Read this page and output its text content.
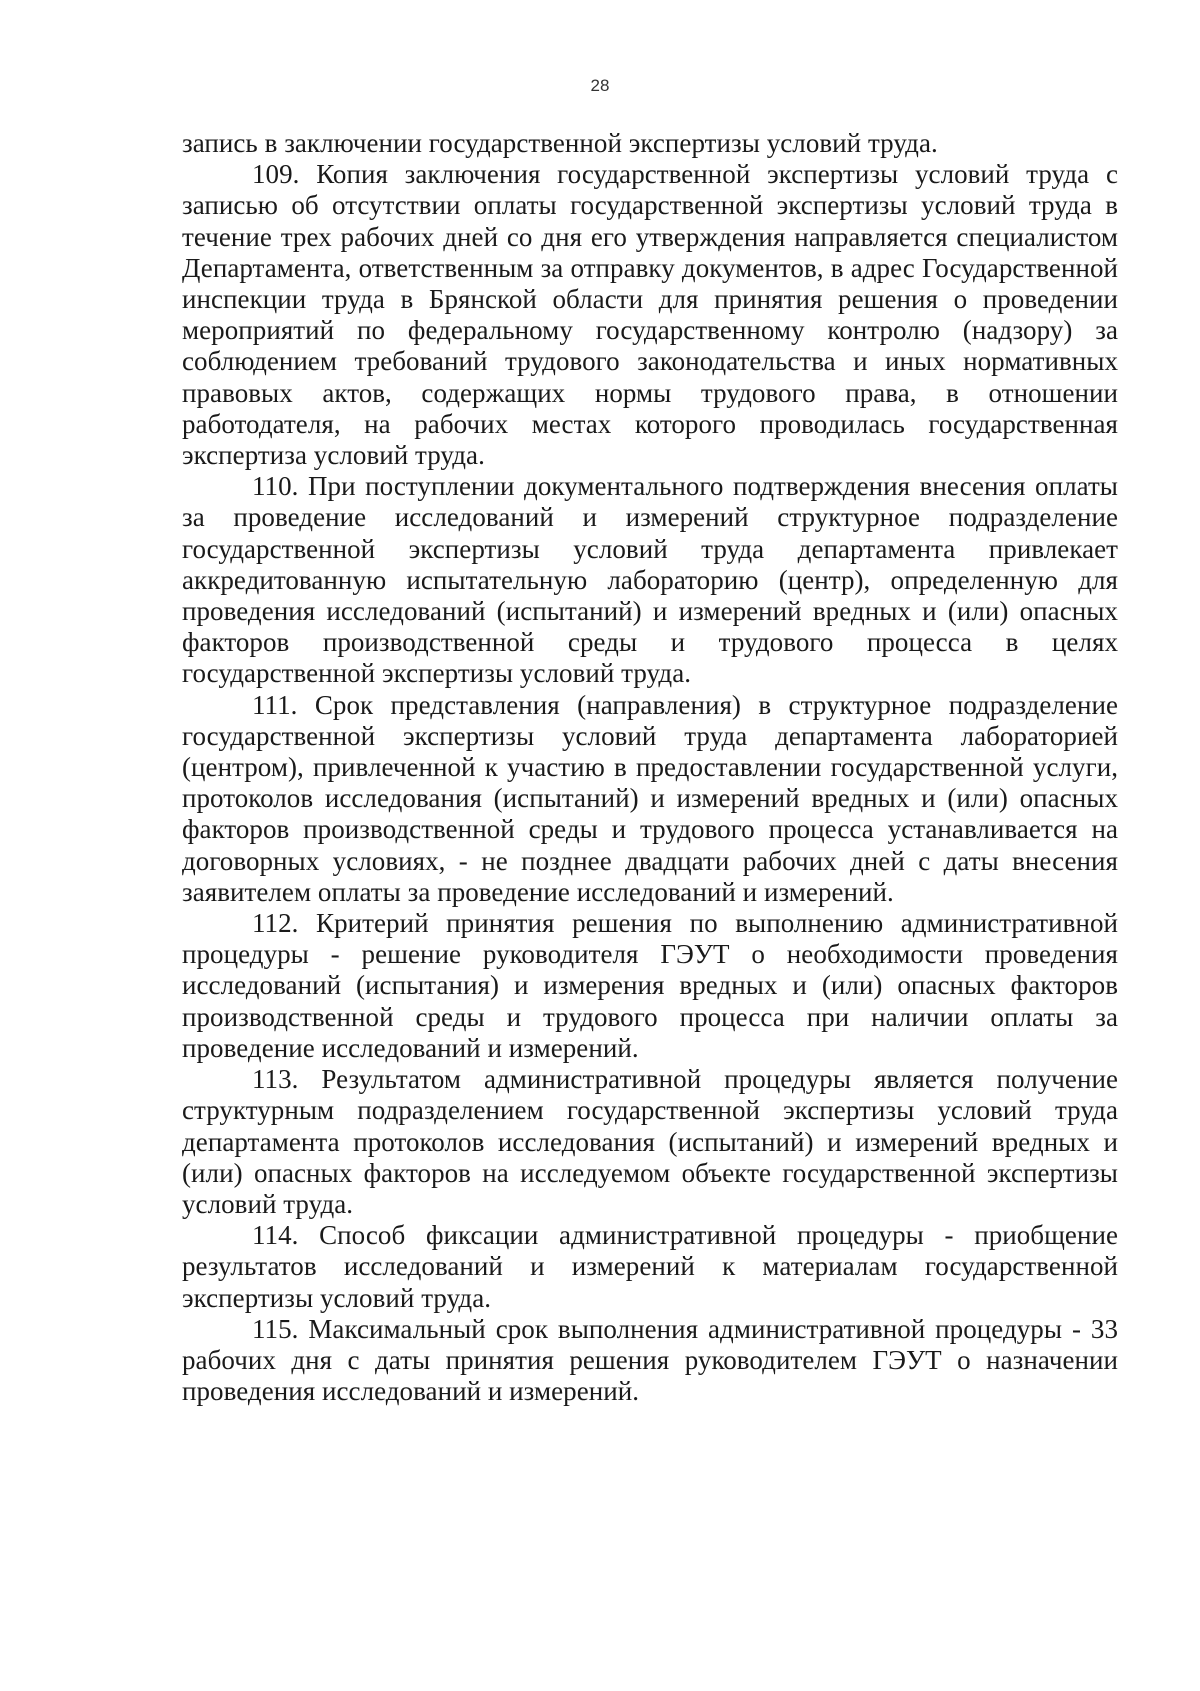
28

запись в заключении государственной экспертизы условий труда.

109. Копия заключения государственной экспертизы условий труда с записью об отсутствии оплаты государственной экспертизы условий труда в течение трех рабочих дней со дня его утверждения направляется специалистом Департамента, ответственным за отправку документов, в адрес Государственной инспекции труда в Брянской области для принятия решения о проведении мероприятий по федеральному государственному контролю (надзору) за соблюдением требований трудового законодательства и иных нормативных правовых актов, содержащих нормы трудового права, в отношении работодателя, на рабочих местах которого проводилась государственная экспертиза условий труда.

110. При поступлении документального подтверждения внесения оплаты за проведение исследований и измерений структурное подразделение государственной экспертизы условий труда департамента привлекает аккредитованную испытательную лабораторию (центр), определенную для проведения исследований (испытаний) и измерений вредных и (или) опасных факторов производственной среды и трудового процесса в целях государственной экспертизы условий труда.

111. Срок представления (направления) в структурное подразделение государственной экспертизы условий труда департамента лабораторией (центром), привлеченной к участию в предоставлении государственной услуги, протоколов исследования (испытаний) и измерений вредных и (или) опасных факторов производственной среды и трудового процесса устанавливается на договорных условиях, - не позднее двадцати рабочих дней с даты внесения заявителем оплаты за проведение исследований и измерений.

112. Критерий принятия решения по выполнению административной процедуры - решение руководителя ГЭУТ о необходимости проведения исследований (испытания) и измерения вредных и (или) опасных факторов производственной среды и трудового процесса при наличии оплаты за проведение исследований и измерений.

113. Результатом административной процедуры является получение структурным подразделением государственной экспертизы условий труда департамента протоколов исследования (испытаний) и измерений вредных и (или) опасных факторов на исследуемом объекте государственной экспертизы условий труда.

114. Способ фиксации административной процедуры - приобщение результатов исследований и измерений к материалам государственной экспертизы условий труда.

115. Максимальный срок выполнения административной процедуры - 33 рабочих дня с даты принятия решения руководителем ГЭУТ о назначении проведения исследований и измерений.
